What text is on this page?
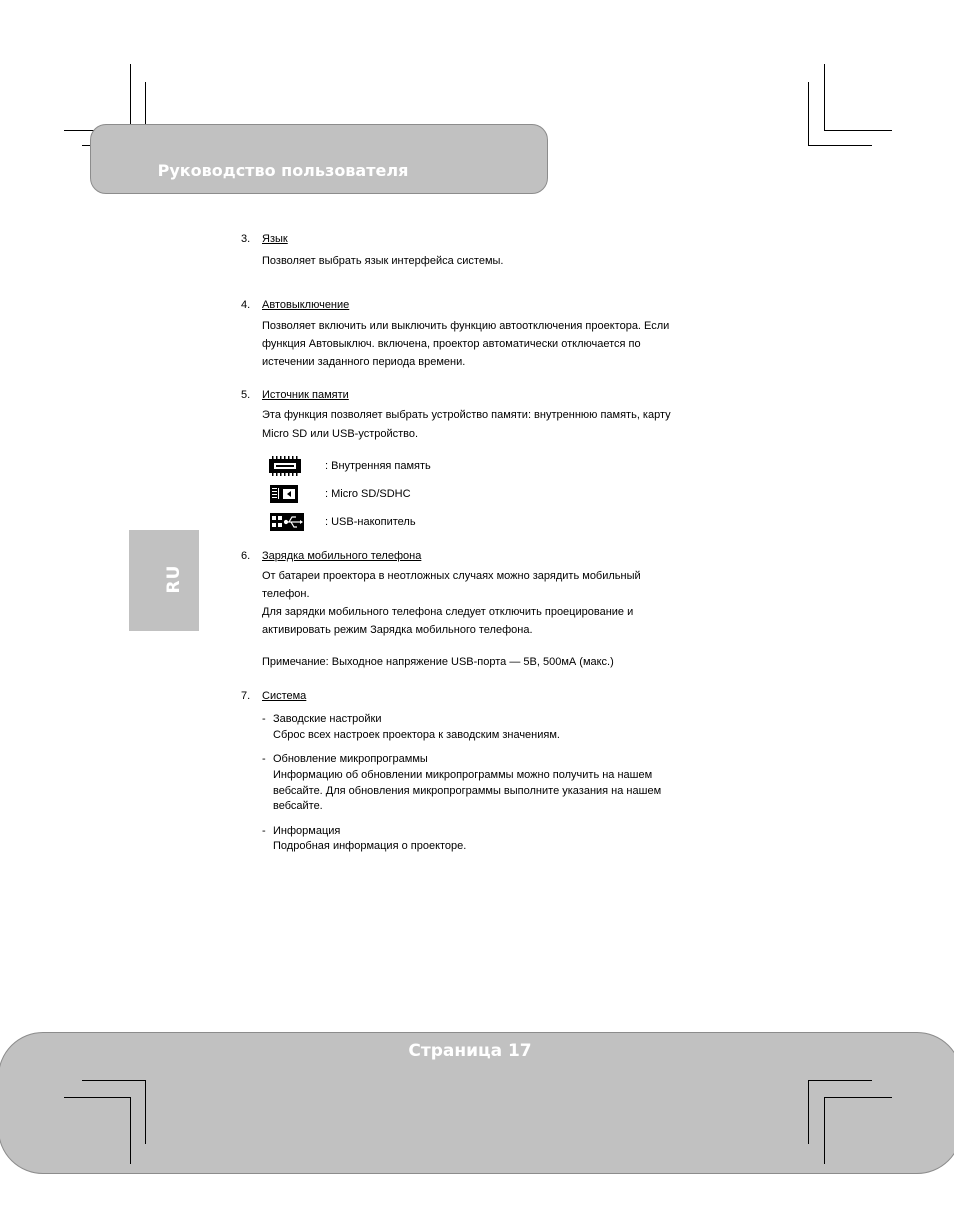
Руководство пользователя
RU
3. Язык
Позволяет выбрать язык интерфейса системы.
4. Автовыключение
Позволяет включить или выключить функцию автоотключения проектора. Если
функция Автовыключ. включена, проектор автоматически отключается по
истечении заданного периода времени.
5. Источник памяти
Эта функция позволяет выбрать устройство памяти: внутреннюю память, карту
Micro SD или USB-устройство.
: Внутренняя память
: Micro SD/SDHC
: USB-накопитель
6. Зарядка мобильного телефона
От батареи проектора в неотложных случаях можно зарядить мобильный
телефон.
Для зарядки мобильного телефона следует отключить проецирование и
активировать режим Зарядка мобильного телефона.
Примечание: Выходное напряжение USB-порта — 5В, 500мА (макс.)
7. Система
- Заводские настройки
Сброс всех настроек проектора к заводским значениям.
- Обновление микропрограммы
Информацию об обновлении микропрограммы можно получить на нашем
вебсайте. Для обновления микропрограммы выполните указания на нашем
вебсайте.
- Информация
Подробная информация о проекторе.
Страница 17
